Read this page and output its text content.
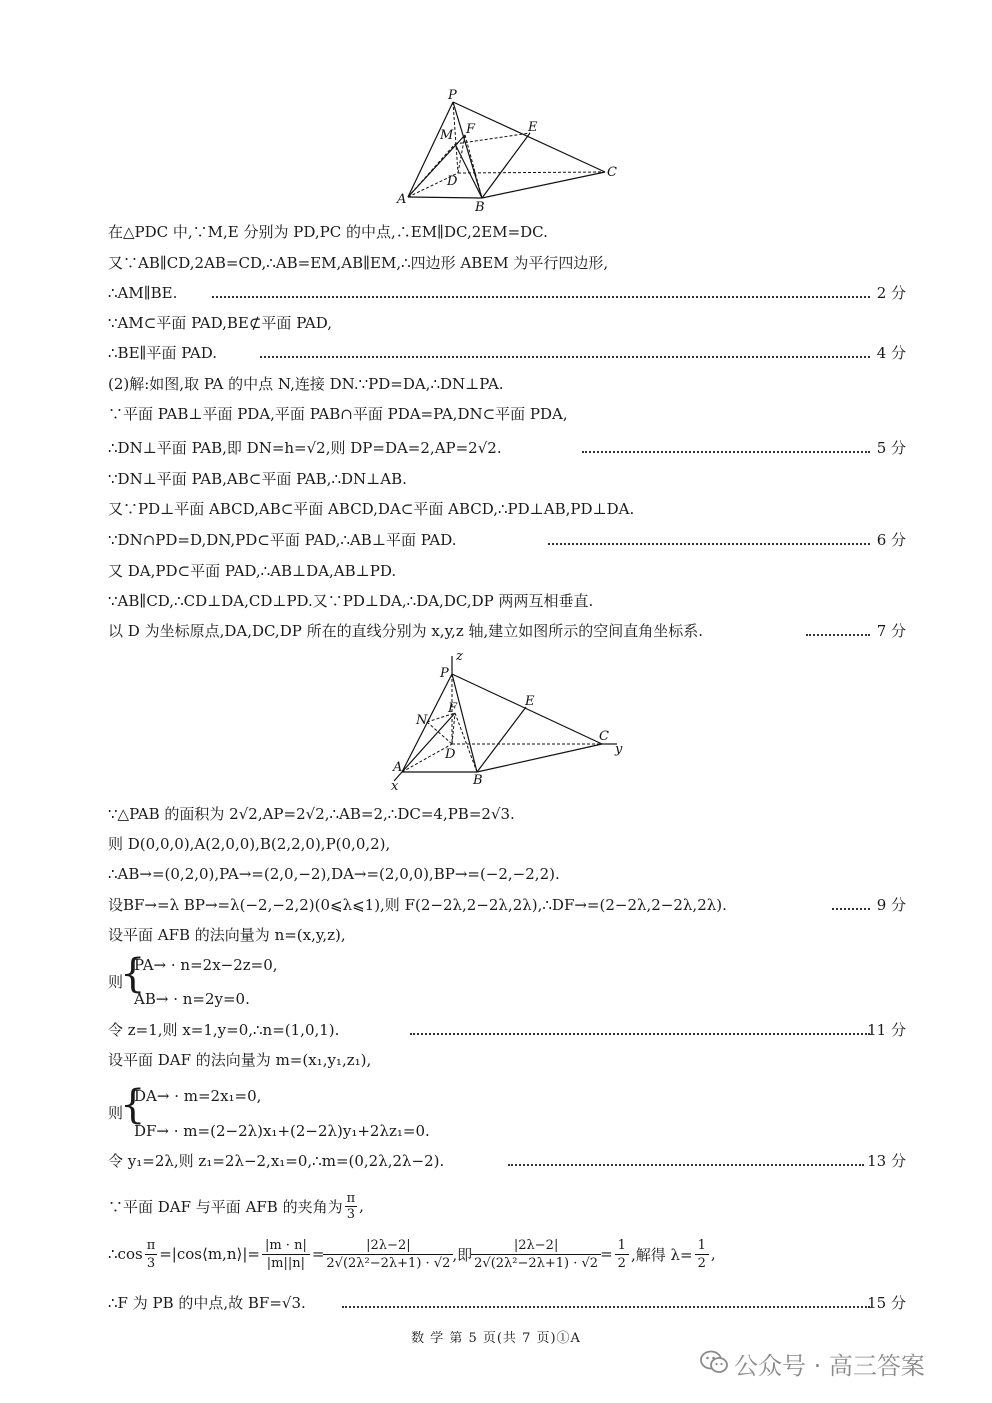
P
M F	E
D
C
A
B
在△PDC 中,∵M,E 分别为 PD,PC 的中点,∴EM∥DC,2EM=DC.
又∵AB∥CD,2AB=CD,∴AB=EM,AB∥EM,∴四边形 ABEM 为平行四边形,
∴AM∥BE.	2 分
∵AM⊂平面 PAD,BE⊄平面 PAD,
∴BE∥平面 PAD.	4 分
(2)解:如图,取 PA 的中点 N,连接 DN.∵PD=DA,∴DN⊥PA.
∵平面 PAB⊥平面 PDA,平面 PAB∩平面 PDA=PA,DN⊂平面 PDA,
∴DN⊥平面 PAB,即 DN=h=√2,则 DP=DA=2,AP=2√2.	5 分
∵DN⊥平面 PAB,AB⊂平面 PAB,∴DN⊥AB.
又∵PD⊥平面 ABCD,AB⊂平面 ABCD,DA⊂平面 ABCD,∴PD⊥AB,PD⊥DA.
∵DN∩PD=D,DN,PD⊂平面 PAD,∴AB⊥平面 PAD.	6 分
又 DA,PD⊂平面 PAD,∴AB⊥DA,AB⊥PD.
∵AB∥CD,∴CD⊥DA,CD⊥PD.又∵PD⊥DA,∴DA,DC,DP 两两互相垂直.
以 D 为坐标原点,DA,DC,DP 所在的直线分别为 x,y,z 轴,建立如图所示的空间直角坐标系.	7 分
z
P
N
F	E
D
C
y
A
B
x
∵△PAB 的面积为 2√2,AP=2√2,∴AB=2,∴DC=4,PB=2√3.
则 D(0,0,0),A(2,0,0),B(2,2,0),P(0,0,2),
∴AB→=(0,2,0),PA→=(2,0,−2),DA→=(2,0,0),BP→=(−2,−2,2).
设BF→=λ BP→=λ(−2,−2,2)(0⩽λ⩽1),则 F(2−2λ,2−2λ,2λ),∴DF→=(2−2λ,2−2λ,2λ).	9 分
设平面 AFB 的法向量为 n=(x,y,z),
则
{
PA→ · n=2x−2z=0,
AB→ · n=2y=0.
令 z=1,则 x=1,y=0,∴n=(1,0,1).	11 分
设平面 DAF 的法向量为 m=(x₁,y₁,z₁),
则
{
DA→ · m=2x₁=0,
DF→ · m=(2−2λ)x₁+(2−2λ)y₁+2λz₁=0.
令 y₁=2λ,则 z₁=2λ−2,x₁=0,∴m=(0,2λ,2λ−2).	13 分
∵平面 DAF 与平面 AFB 的夹角为 $\frac{\pi}{3}$ ,
∴cos $\frac{\pi}{3}$ =|cos⟨m,n⟩|= $\frac{|m \cdot n|}{|m||n|} = \frac{|2\lambda-2|}{\text{2√(2λ²−2λ+1) · √2}}$ ,即 $\frac{|2\lambda-2|}{\text{2√(2λ²−2λ+1) · √2}} = \frac{1}{2}$ ,解得 $\lambda= \frac{1}{2}$ ,
∴F 为 PB 的中点,故 BF=√3.	15 分
数 学 第 5 页(共 7 页)①A
公众号 · 高三答案
